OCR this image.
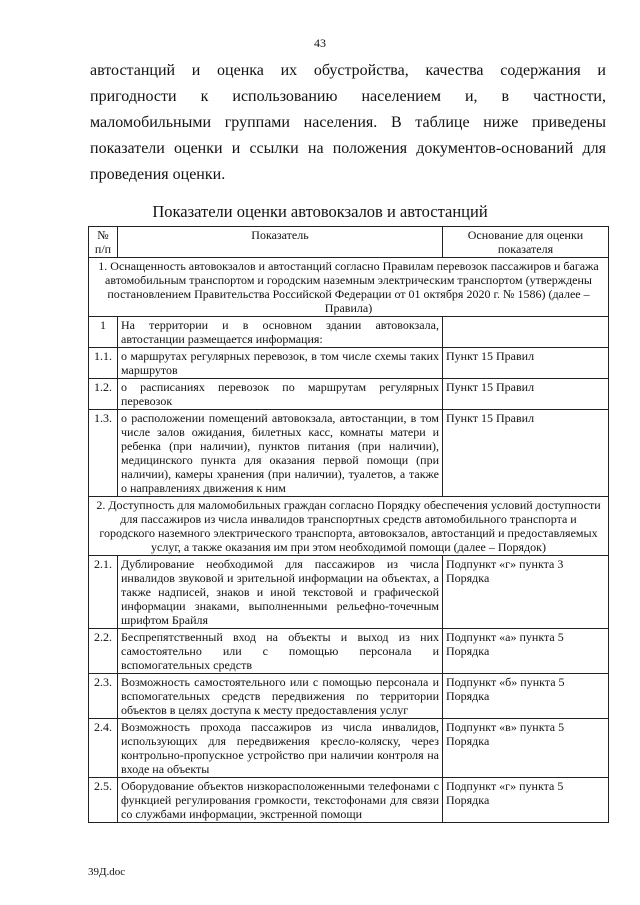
43
автостанций и оценка их обустройства, качества содержания и пригодности к использованию населением и, в частности, маломобильными группами населения. В таблице ниже приведены показатели оценки и ссылки на положения документов-оснований для проведения оценки.
Показатели оценки автовокзалов и автостанций
№ п/п	Показатель	Основание для оценки показателя
1. Оснащенность автовокзалов и автостанций согласно Правилам перевозок пассажиров и багажа автомобильным транспортом и городским наземным электрическим транспортом (утверждены постановлением Правительства Российской Федерации от 01 октября 2020 г. № 1586) (далее – Правила)		
1	На территории и в основном здании автовокзала, автостанции размещается информация:	
1.1.	о маршрутах регулярных перевозок, в том числе схемы таких маршрутов	Пункт 15 Правил
1.2.	о расписаниях перевозок по маршрутам регулярных перевозок	Пункт 15 Правил
1.3.	о расположении помещений автовокзала, автостанции, в том числе залов ожидания, билетных касс, комнаты матери и ребенка (при наличии), пунктов питания (при наличии), медицинского пункта для оказания первой помощи (при наличии), камеры хранения (при наличии), туалетов, а также о направлениях движения к ним	Пункт 15 Правил
2. Доступность для маломобильных граждан согласно Порядку обеспечения условий доступности для пассажиров из числа инвалидов транспортных средств автомобильного транспорта и городского наземного электрического транспорта, автовокзалов, автостанций и предоставляемых услуг, а также оказания им при этом необходимой помощи (далее – Порядок)		
2.1.	Дублирование необходимой для пассажиров из числа инвалидов звуковой и зрительной информации на объектах, а также надписей, знаков и иной текстовой и графической информации знаками, выполненными рельефно-точечным шрифтом Брайля	Подпункт «г» пункта 3 Порядка
2.2.	Беспрепятственный вход на объекты и выход из них самостоятельно или с помощью персонала и вспомогательных средств	Подпункт «а» пункта 5 Порядка
2.3.	Возможность самостоятельного или с помощью персонала и вспомогательных средств передвижения по территории объектов в целях доступа к месту предоставления услуг	Подпункт «б» пункта 5 Порядка
2.4.	Возможность прохода пассажиров из числа инвалидов, использующих для передвижения кресло-коляску, через контрольно-пропускное устройство при наличии контроля на входе на объекты	Подпункт «в» пункта 5 Порядка
2.5.	Оборудование объектов низкорасположенными телефонами с функцией регулирования громкости, текстофонами для связи со службами информации, экстренной помощи	Подпункт «г» пункта 5 Порядка
39Д.doc
